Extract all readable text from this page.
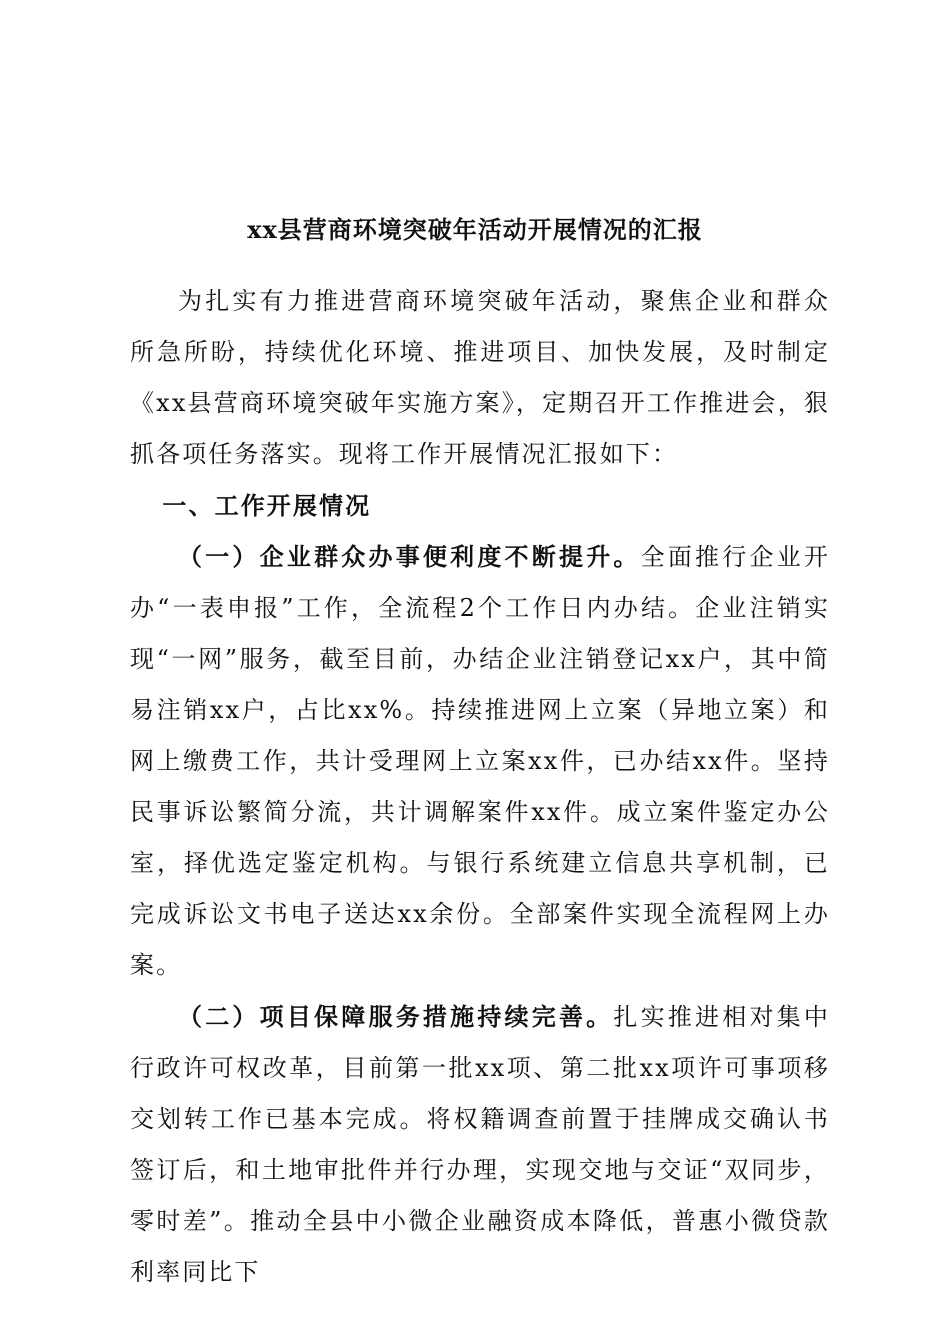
xx县营商环境突破年活动开展情况的汇报

为扎实有力推进营商环境突破年活动，聚焦企业和群众所急所盼，持续优化环境、推进项目、加快发展，及时制定《xx县营商环境突破年实施方案》，定期召开工作推进会，狠抓各项任务落实。现将工作开展情况汇报如下：

一、工作开展情况

（一）企业群众办事便利度不断提升。全面推行企业开办“一表申报”工作，全流程2个工作日内办结。企业注销实现“一网”服务，截至目前，办结企业注销登记xx户，其中简易注销xx户，占比xx%。持续推进网上立案（异地立案）和网上缴费工作，共计受理网上立案xx件，已办结xx件。坚持民事诉讼繁简分流，共计调解案件xx件。成立案件鉴定办公室，择优选定鉴定机构。与银行系统建立信息共享机制，已完成诉讼文书电子送达xx余份。全部案件实现全流程网上办案。

（二）项目保障服务措施持续完善。扎实推进相对集中行政许可权改革，目前第一批xx项、第二批xx项许可事项移交划转工作已基本完成。将权籍调查前置于挂牌成交确认书签订后，和土地审批件并行办理，实现交地与交证“双同步，零时差”。推动全县中小微企业融资成本降低，普惠小微贷款利率同比下
